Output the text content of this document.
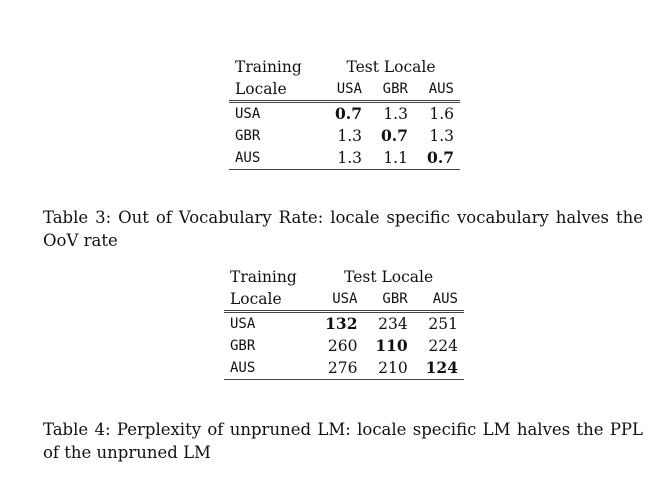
Training	Test Locale		
Locale	USA	GBR	AUS
USA	0.7	1.3	1.6
GBR	1.3	0.7	1.3
AUS	1.3	1.1	0.7
Table 3: Out of Vocabulary Rate: locale specific vocabulary halves the OoV rate
Training	Test Locale		
Locale	USA	GBR	AUS
USA	132	234	251
GBR	260	110	224
AUS	276	210	124
Table 4: Perplexity of unpruned LM: locale specific LM halves the PPL of the unpruned LM
